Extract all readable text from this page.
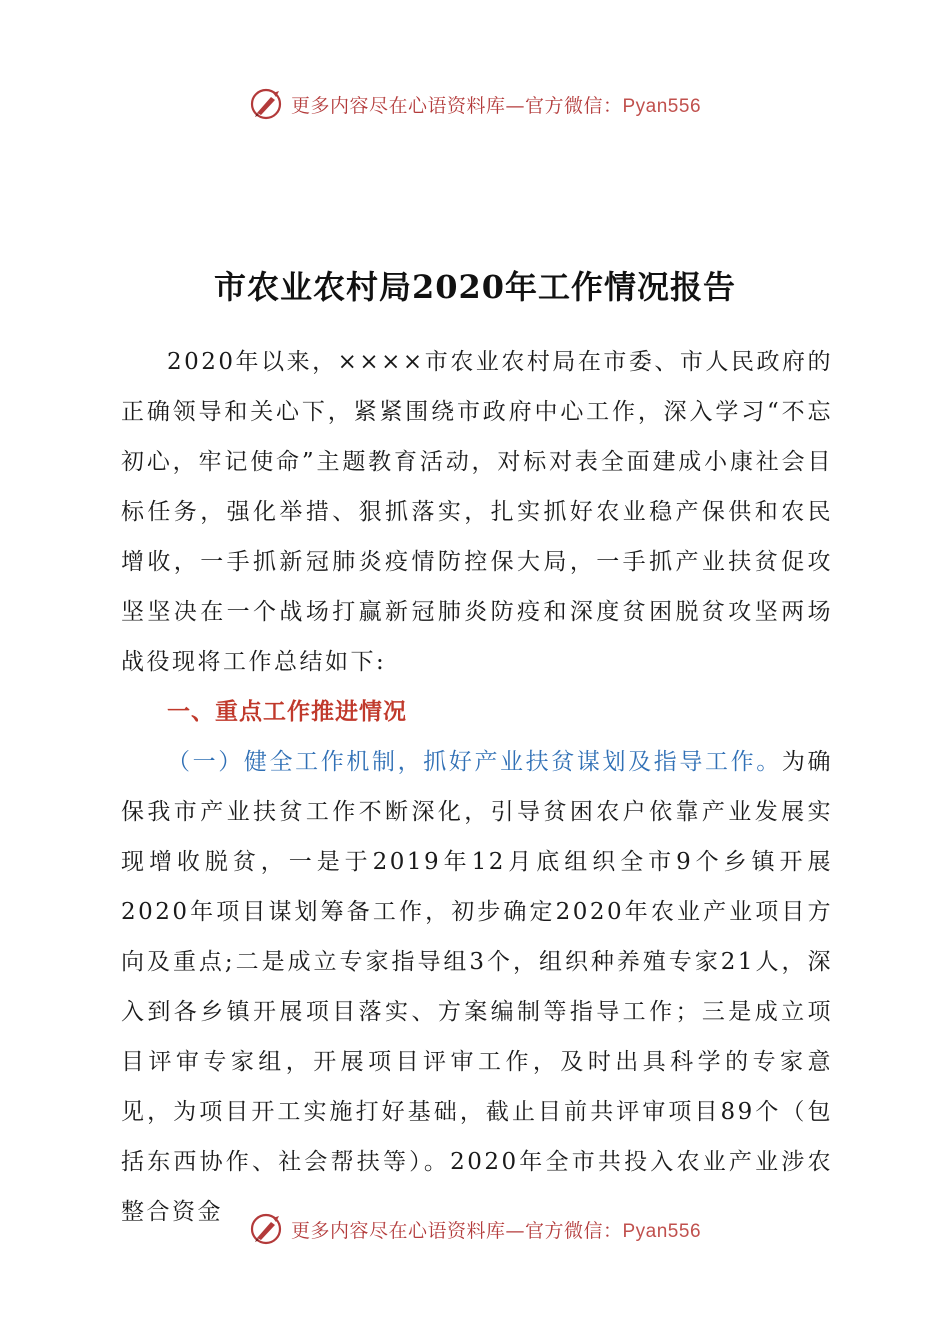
更多内容尽在心语资料库—官方微信：Pyan556
市农业农村局2020年工作情况报告

2020年以来，××××市农业农村局在市委、市人民政府的正确领导和关心下，紧紧围绕市政府中心工作，深入学习“不忘初心，牢记使命”主题教育活动，对标对表全面建成小康社会目标任务，强化举措、狠抓落实，扎实抓好农业稳产保供和农民增收，一手抓新冠肺炎疫情防控保大局，一手抓产业扶贫促攻坚坚决在一个战场打赢新冠肺炎防疫和深度贫困脱贫攻坚两场战役现将工作总结如下:

一、重点工作推进情况

（一）健全工作机制，抓好产业扶贫谋划及指导工作。为确保我市产业扶贫工作不断深化，引导贫困农户依靠产业发展实现增收脱贫，一是于2019年12月底组织全市9个乡镇开展2020年项目谋划筹备工作，初步确定2020年农业产业项目方向及重点;二是成立专家指导组3个，组织种养殖专家21人，深入到各乡镇开展项目落实、方案编制等指导工作；三是成立项目评审专家组，开展项目评审工作，及时出具科学的专家意见，为项目开工实施打好基础，截止目前共评审项目89个（包括东西协作、社会帮扶等）。2020年全市共投入农业产业涉农整合资金

更多内容尽在心语资料库—官方微信：Pyan556
